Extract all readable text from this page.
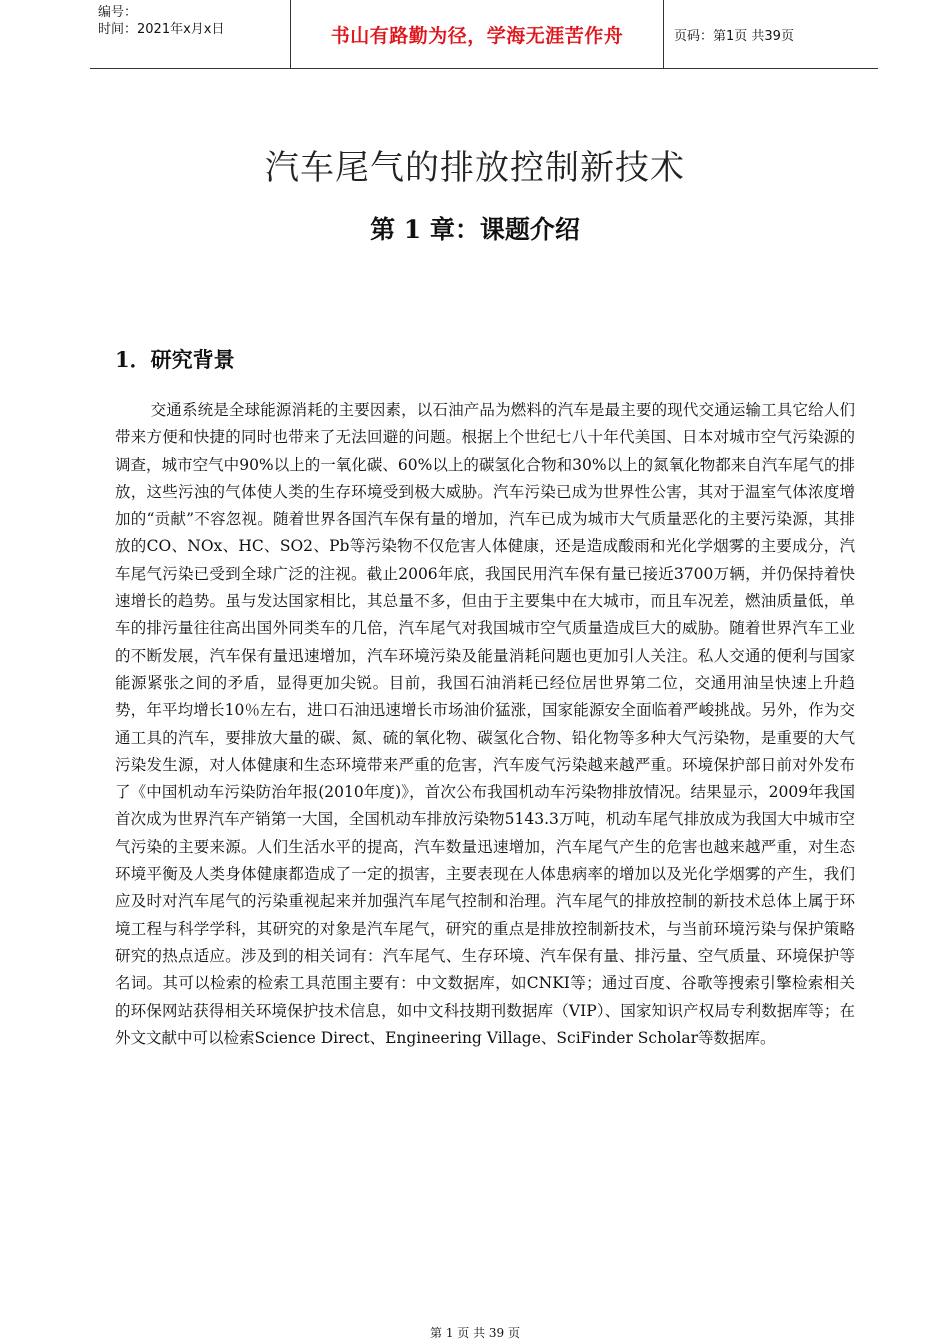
编号：
时间：2021年x月x日	书山有路勤为径，学海无涯苦作舟	页码：第1页 共39页
汽车尾气的排放控制新技术
第 1 章：课题介绍
1．研究背景

交通系统是全球能源消耗的主要因素，以石油产品为燃料的汽车是最主要的现代交通运输工具它给人们带来方便和快捷的同时也带来了无法回避的问题。根据上个世纪七八十年代美国、日本对城市空气污染源的调查，城市空气中90%以上的一氧化碳、60%以上的碳氢化合物和30%以上的氮氧化物都来自汽车尾气的排放，这些污浊的气体使人类的生存环境受到极大威胁。汽车污染已成为世界性公害，其对于温室气体浓度增加的“贡献”不容忽视。随着世界各国汽车保有量的增加，汽车已成为城市大气质量恶化的主要污染源，其排放的CO、NOx、HC、SO2、Pb等污染物不仅危害人体健康，还是造成酸雨和光化学烟雾的主要成分，汽车尾气污染已受到全球广泛的注视。截止2006年底，我国民用汽车保有量已接近3700万辆，并仍保持着快速增长的趋势。虽与发达国家相比，其总量不多，但由于主要集中在大城市，而且车况差，燃油质量低，单车的排污量往往高出国外同类车的几倍，汽车尾气对我国城市空气质量造成巨大的威胁。随着世界汽车工业的不断发展，汽车保有量迅速增加，汽车环境污染及能量消耗问题也更加引人关注。私人交通的便利与国家能源紧张之间的矛盾，显得更加尖锐。目前，我国石油消耗已经位居世界第二位，交通用油呈快速上升趋势，年平均增长10％左右，进口石油迅速增长市场油价猛涨，国家能源安全面临着严峻挑战。另外，作为交通工具的汽车，要排放大量的碳、氮、硫的氧化物、碳氢化合物、铅化物等多种大气污染物，是重要的大气污染发生源，对人体健康和生态环境带来严重的危害，汽车废气污染越来越严重。环境保护部日前对外发布了《中国机动车污染防治年报(2010年度)》，首次公布我国机动车污染物排放情况。结果显示，2009年我国首次成为世界汽车产销第一大国，全国机动车排放污染物5143.3万吨，机动车尾气排放成为我国大中城市空气污染的主要来源。人们生活水平的提高，汽车数量迅速增加，汽车尾气产生的危害也越来越严重，对生态环境平衡及人类身体健康都造成了一定的损害，主要表现在人体患病率的增加以及光化学烟雾的产生，我们应及时对汽车尾气的污染重视起来并加强汽车尾气控制和治理。汽车尾气的排放控制的新技术总体上属于环境工程与科学学科，其研究的对象是汽车尾气，研究的重点是排放控制新技术，与当前环境污染与保护策略研究的热点适应。涉及到的相关词有：汽车尾气、生存环境、汽车保有量、排污量、空气质量、环境保护等名词。其可以检索的检索工具范围主要有：中文数据库，如CNKI等；通过百度、谷歌等搜索引擎检索相关的环保网站获得相关环境保护技术信息，如中文科技期刊数据库（VIP）、国家知识产权局专利数据库等；在外文文献中可以检索Science Direct、Engineering Village、SciFinder Scholar等数据库。

第 1 页 共 39 页
